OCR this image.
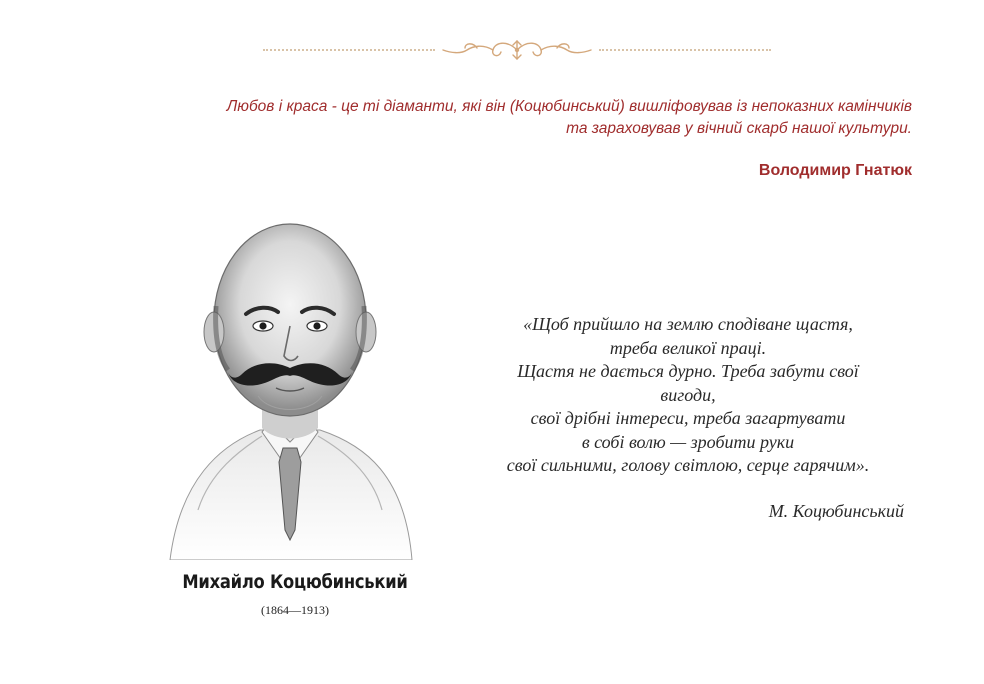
Любов і краса - це ті діаманти, які він (Коцюбинський) вишліфовував із непоказних камінчиків
та зараховував у вічний скарб нашої культури.
Володимир Гнатюк
Михайло Коцюбинський
(1864—1913)
«Щоб прийшло на землю сподіване щастя,
треба великої праці.
Щастя не дається дурно. Треба забути свої
вигоди,
свої дрібні інтереси, треба загартувати
в собі волю — зробити руки
свої сильними, голову світлою, серце гарячим».
М. Коцюбинський
